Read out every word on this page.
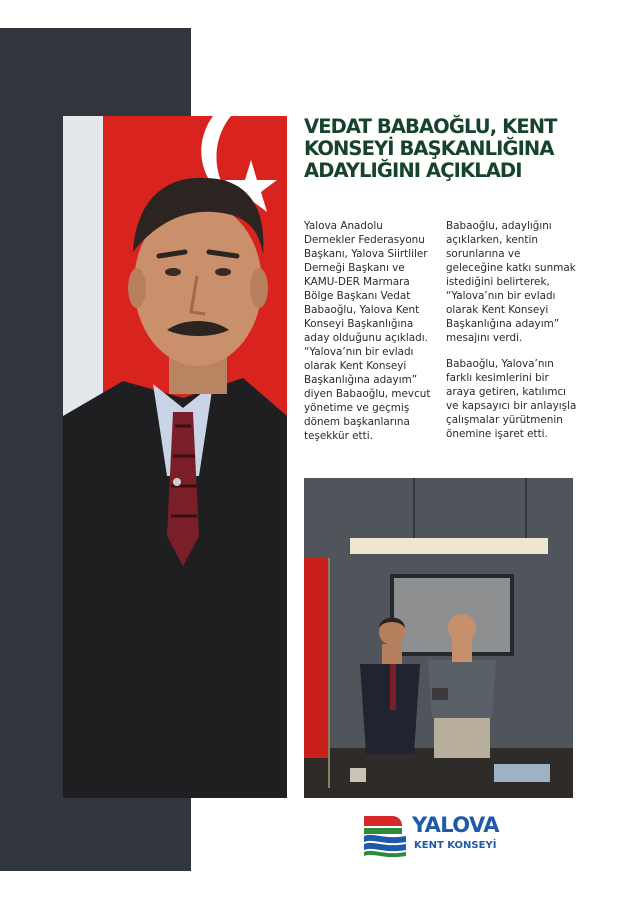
VEDAT BABAOĞLU, KENT KONSEYİ BAŞKANLIĞINA ADAYLIĞINI AÇIKLADI

Yalova Anadolu Dernekler Federasyonu Başkanı, Yalova Siirtliler Derneği Başkanı ve KAMU-DER Marmara Bölge Başkanı Vedat Babaoğlu, Yalova Kent Konseyi Başkanlığına aday olduğunu açıkladı. “Yalova’nın bir evladı olarak Kent Konseyi Başkanlığına adayım” diyen Babaoğlu, mevcut yönetime ve geçmiş dönem başkanlarına teşekkür etti.

Babaoğlu, adaylığını açıklarken, kentin sorunlarına ve geleceğine katkı sunmak istediğini belirterek, “Yalova’nın bir evladı olarak Kent Konseyi Başkanlığına adayım” mesajını verdi.

Babaoğlu, Yalova’nın farklı kesimlerini bir araya getiren, katılımcı ve kapsayıcı bir anlayışla çalışmalar yürütmenin önemine işaret etti.

YALOVA
KENT KONSEYİ
